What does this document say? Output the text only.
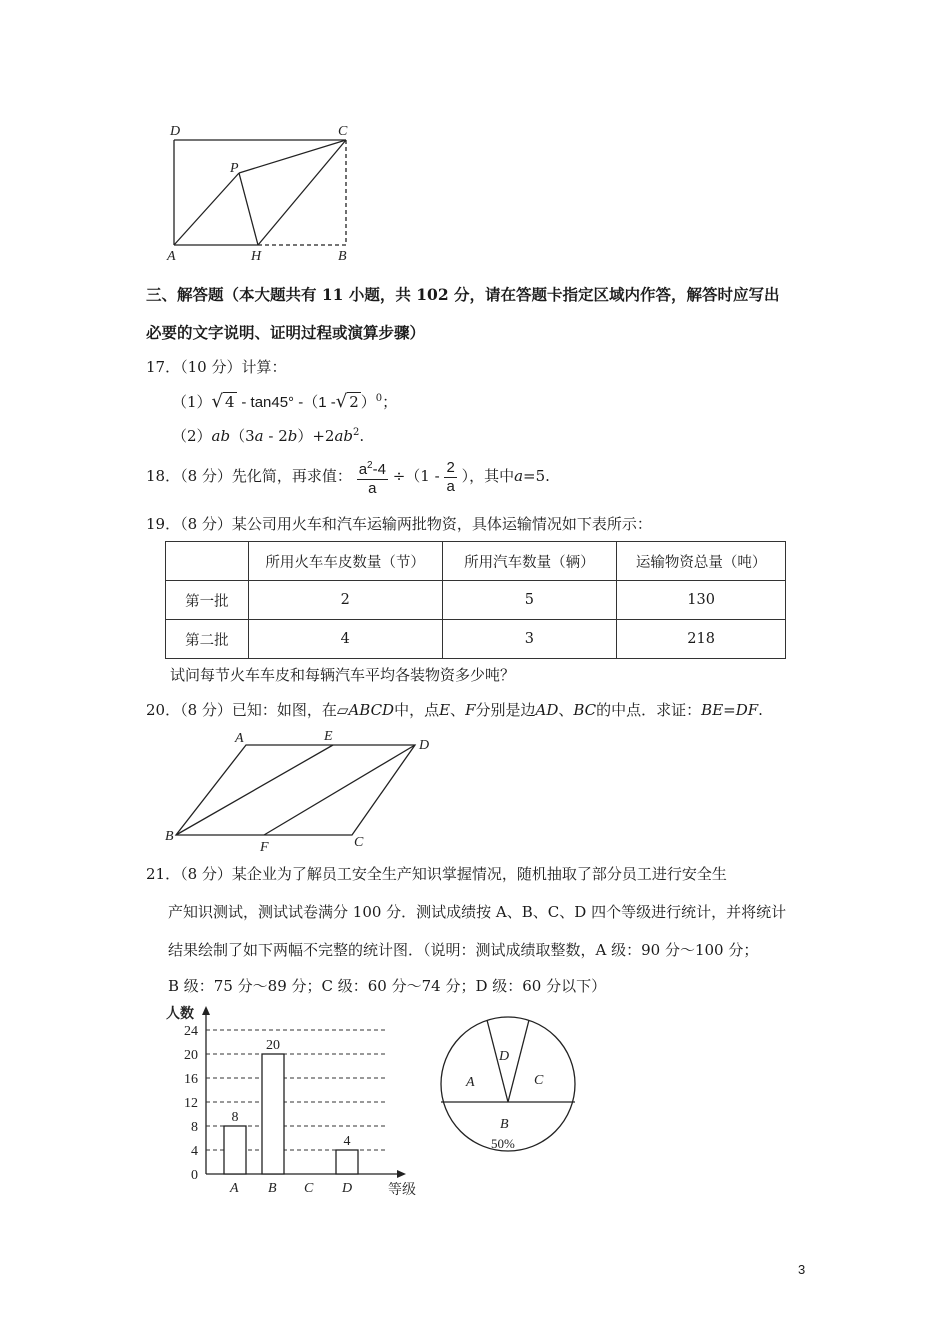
D	C
P
A	H	B
三、解答题（本大题共有 11 小题，共 102 分，请在答题卡指定区域内作答，解答时应写出
必要的文字说明、证明过程或演算步骤）
17．（10 分）计算：
（1）√ 4 - tan45° -（1 -√ 2 ）$^0$；
$(2)ab(3a - 2b)+2ab^2$.
18．（8 分）先化简，再求值： $\frac{a^2-4}{a} \div(1 - \frac{2}{a}$ ），其中a=5.
19．（8 分）某公司用火车和汽车运输两批物资，具体运输情况如下表所示：
	所用火车车皮数量（节）	所用汽车数量（辆）	运输物资总量（吨）
第一批	2	5	130
第二批	4	3	218
试问每节火车车皮和每辆汽车平均各装物资多少吨？
20．（8 分）已知：如图，在▱ABCD中，点E、F分别是边AD、BC的中点．求证：BE=DF.
A	E
D
B
F	C
21．（8 分）某企业为了解员工安全生产知识掌握情况，随机抽取了部分员工进行安全生
产知识测试，测试试卷满分 100 分．测试成绩按 A、B、C、D 四个等级进行统计，并将统计
结果绘制了如下两幅不完整的统计图．（说明：测试成绩取整数，A 级：90 分～100 分；
B 级：75 分～89 分；C 级：60 分～74 分；D 级：60 分以下）
人数
等级
0
4
8
12
16
20
24
8
20
4
A B C D
A
D
C
B
50%
3
